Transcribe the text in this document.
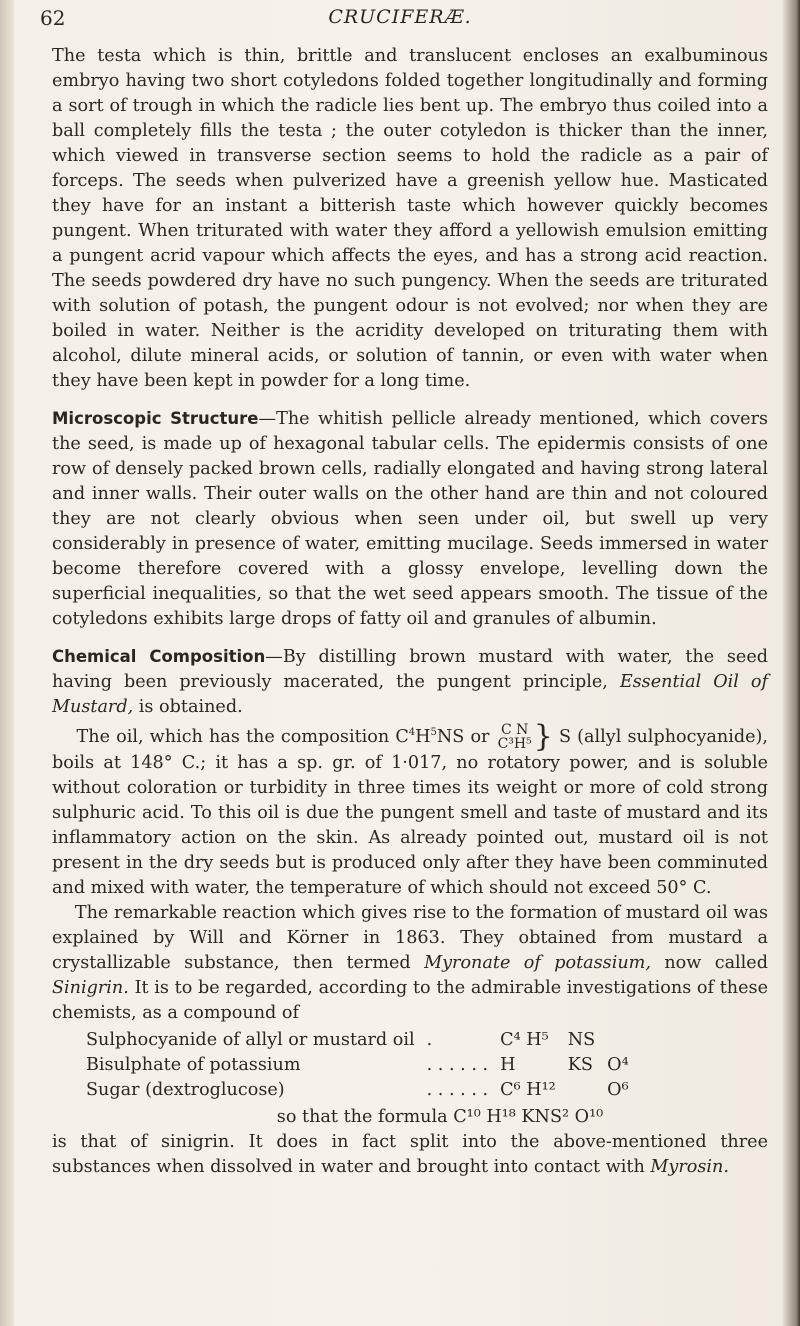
62	CRUCIFERÆ.

The testa which is thin, brittle and translucent encloses an exalbuminous embryo having two short cotyledons folded together longitudinally and forming a sort of trough in which the radicle lies bent up. The embryo thus coiled into a ball completely fills the testa ; the outer cotyledon is thicker than the inner, which viewed in transverse section seems to hold the radicle as a pair of forceps. The seeds when pulverized have a greenish yellow hue. Masticated they have for an instant a bitterish taste which however quickly becomes pungent. When triturated with water they afford a yellowish emulsion emitting a pungent acrid vapour which affects the eyes, and has a strong acid reaction. The seeds powdered dry have no such pungency. When the seeds are triturated with solution of potash, the pungent odour is not evolved; nor when they are boiled in water. Neither is the acridity developed on triturating them with alcohol, dilute mineral acids, or solution of tannin, or even with water when they have been kept in powder for a long time.

Microscopic Structure—The whitish pellicle already mentioned, which covers the seed, is made up of hexagonal tabular cells. The epidermis consists of one row of densely packed brown cells, radially elongated and having strong lateral and inner walls. Their outer walls on the other hand are thin and not coloured they are not clearly obvious when seen under oil, but swell up very considerably in presence of water, emitting mucilage. Seeds immersed in water become therefore covered with a glossy envelope, levelling down the superficial inequalities, so that the wet seed appears smooth. The tissue of the cotyledons exhibits large drops of fatty oil and granules of albumin.

Chemical Composition—By distilling brown mustard with water, the seed having been previously macerated, the pungent principle, Essential Oil of Mustard, is obtained.

The oil, which has the composition $C^4H^5NS$ or C N
C³H⁵ } S (allyl sulphocyanide), boils at 148° C.; it has a sp. gr. of 1·017, no rotatory power, and is soluble without coloration or turbidity in three times its weight or more of cold strong sulphuric acid. To this oil is due the pungent smell and taste of mustard and its inflammatory action on the skin. As already pointed out, mustard oil is not present in the dry seeds but is produced only after they have been comminuted and mixed with water, the temperature of which should not exceed 50° C.

The remarkable reaction which gives rise to the formation of mustard oil was explained by Will and Körner in 1863. They obtained from mustard a crystallizable substance, then termed Myronate of potassium, now called Sinigrin. It is to be regarded, according to the admirable investigations of these chemists, as a compound of

Sulphocyanide of allyl or mustard oil	.	C⁴ H⁵	NS	
Bisulphate of potassium	. . . . . .	H	KS	O⁴
Sugar (dextroglucose)	. . . . . .	C⁶ H¹²		O⁶

so that the formula C¹⁰ H¹⁸ KNS² O¹⁰

is that of sinigrin. It does in fact split into the above-mentioned three substances when dissolved in water and brought into contact with Myrosin.
